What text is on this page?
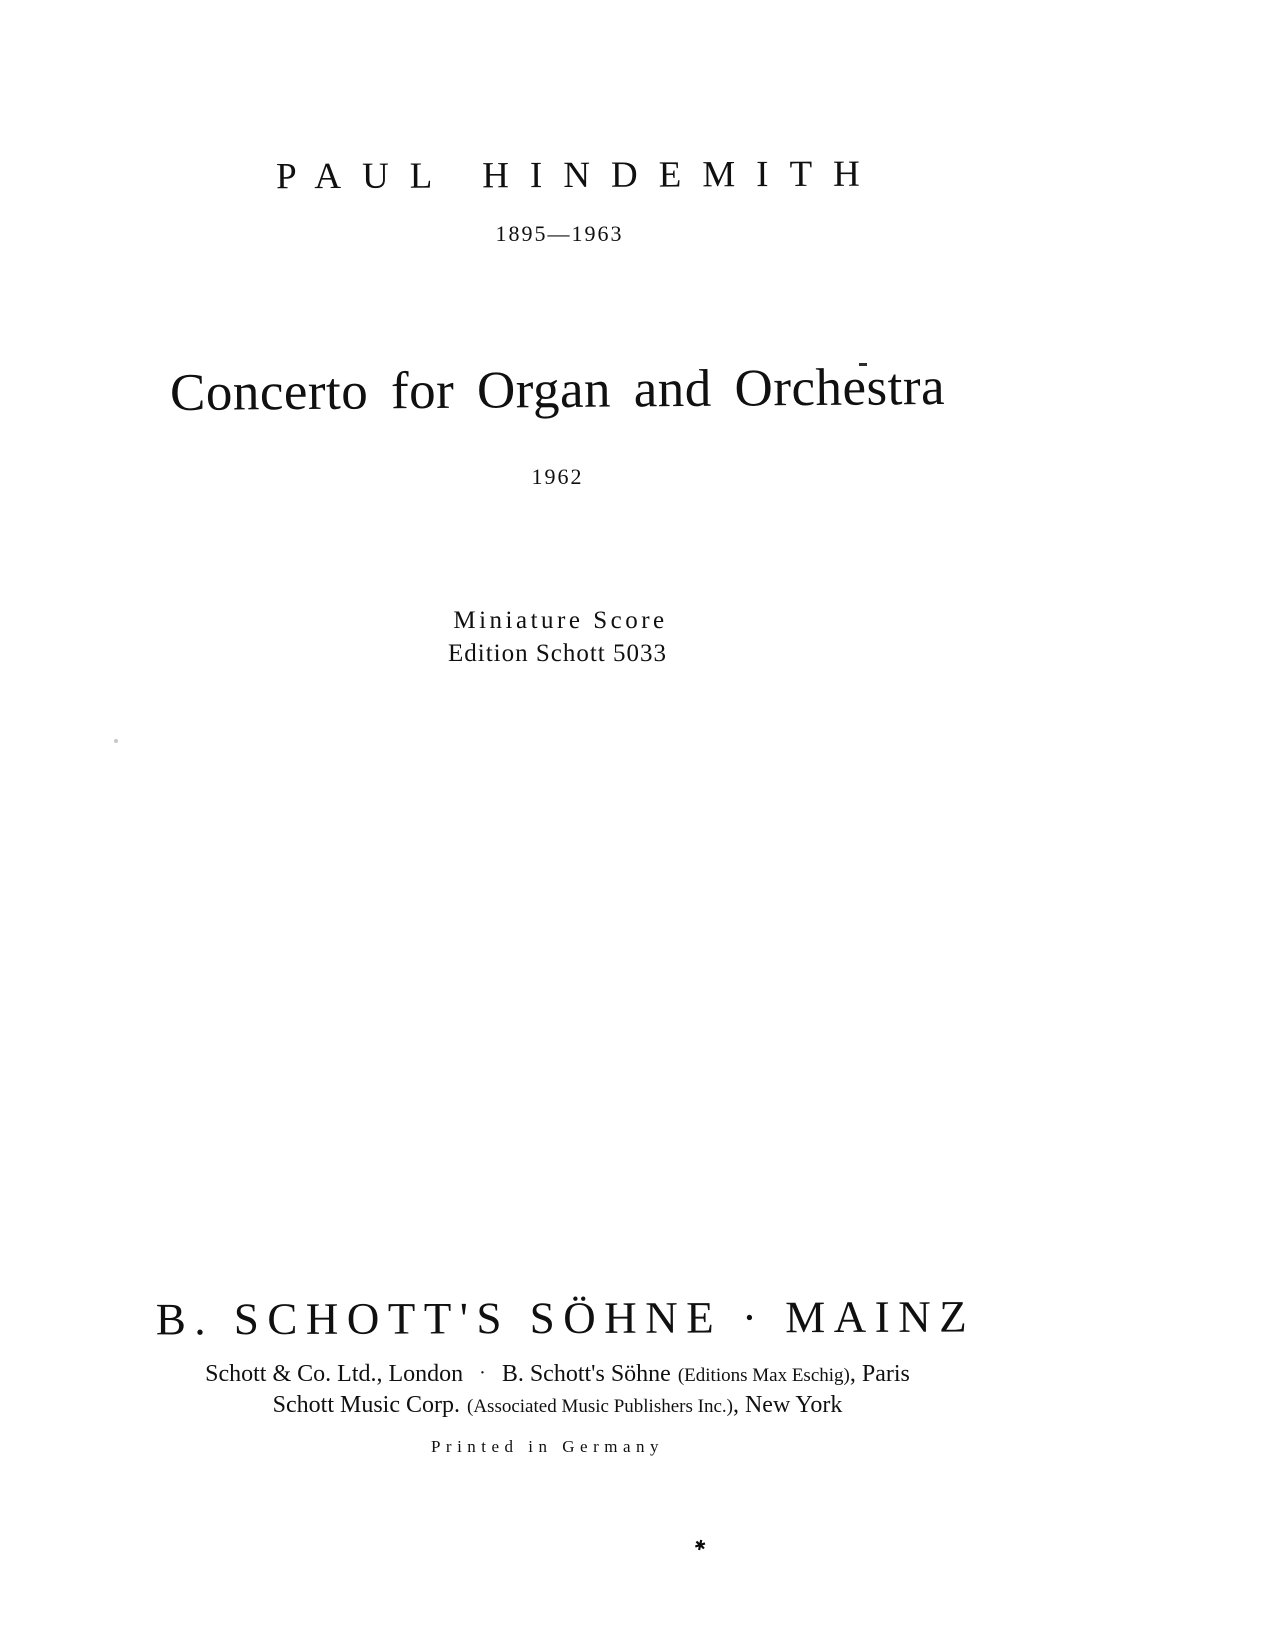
PAUL HINDEMITH
1895—1963
Concerto for Organ and Orchestra
1962
Miniature Score
Edition Schott 5033
B. SCHOTT'S SÖHNE · MAINZ
Schott & Co. Ltd., London · B. Schott's Söhne (Editions Max Eschig), Paris
Schott Music Corp. (Associated Music Publishers Inc.), New York
Printed in Germany
✱
